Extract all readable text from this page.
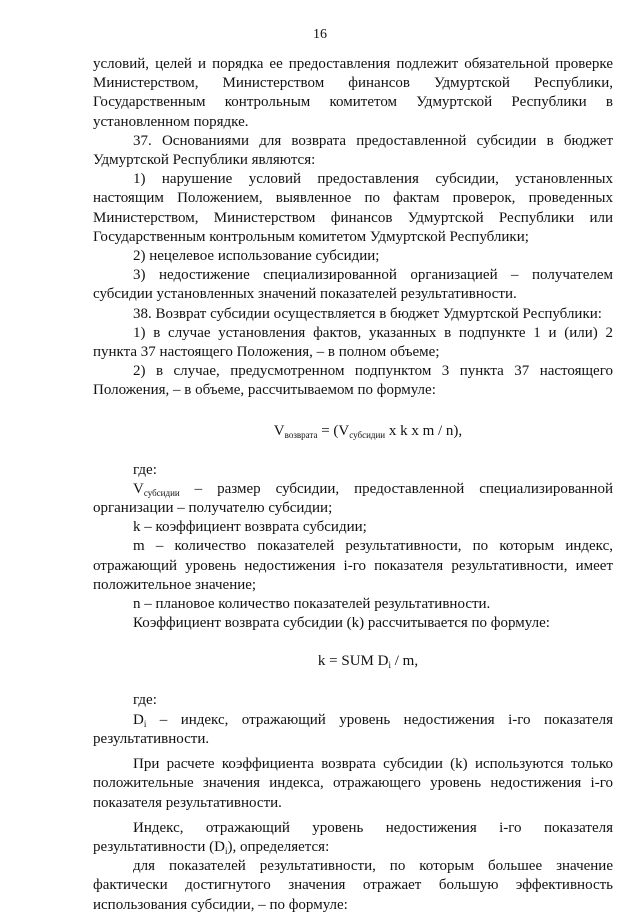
16

условий, целей и порядка ее предоставления подлежит обязательной проверке Министерством, Министерством финансов Удмуртской Республики, Государственным контрольным комитетом Удмуртской Республики в установленном порядке.

37. Основаниями для возврата предоставленной субсидии в бюджет Удмуртской Республики являются:

1) нарушение условий предоставления субсидии, установленных настоящим Положением, выявленное по фактам проверок, проведенных Министерством, Министерством финансов Удмуртской Республики или Государственным контрольным комитетом Удмуртской Республики;

2) нецелевое использование субсидии;

3) недостижение специализированной организацией – получателем субсидии установленных значений показателей результативности.

38. Возврат субсидии осуществляется в бюджет Удмуртской Республики:

1) в случае установления фактов, указанных в подпункте 1 и (или) 2 пункта 37 настоящего Положения, – в полном объеме;

2) в случае, предусмотренном подпунктом 3 пункта 37 настоящего Положения, – в объеме, рассчитываемом по формуле:

$V_{возврата} = (V_{субсидии}$ x k x m / n),

где:

$V_{субсидии}$ – размер субсидии, предоставленной специализированной организации – получателю субсидии;

k – коэффициент возврата субсидии;

m – количество показателей результативности, по которым индекс, отражающий уровень недостижения i-го показателя результативности, имеет положительное значение;

n – плановое количество показателей результативности.

Коэффициент возврата субсидии (k) рассчитывается по формуле:

k = SUM $D_i$ / m,

где:

$D_i$ – индекс, отражающий уровень недостижения i-го показателя результативности.

При расчете коэффициента возврата субсидии (k) используются только положительные значения индекса, отражающего уровень недостижения i-го показателя результативности.

Индекс, отражающий уровень недостижения i-го показателя результативности $(D_i)$, определяется:

для показателей результативности, по которым большее значение фактически достигнутого значения отражает большую эффективность использования субсидии, – по формуле:
